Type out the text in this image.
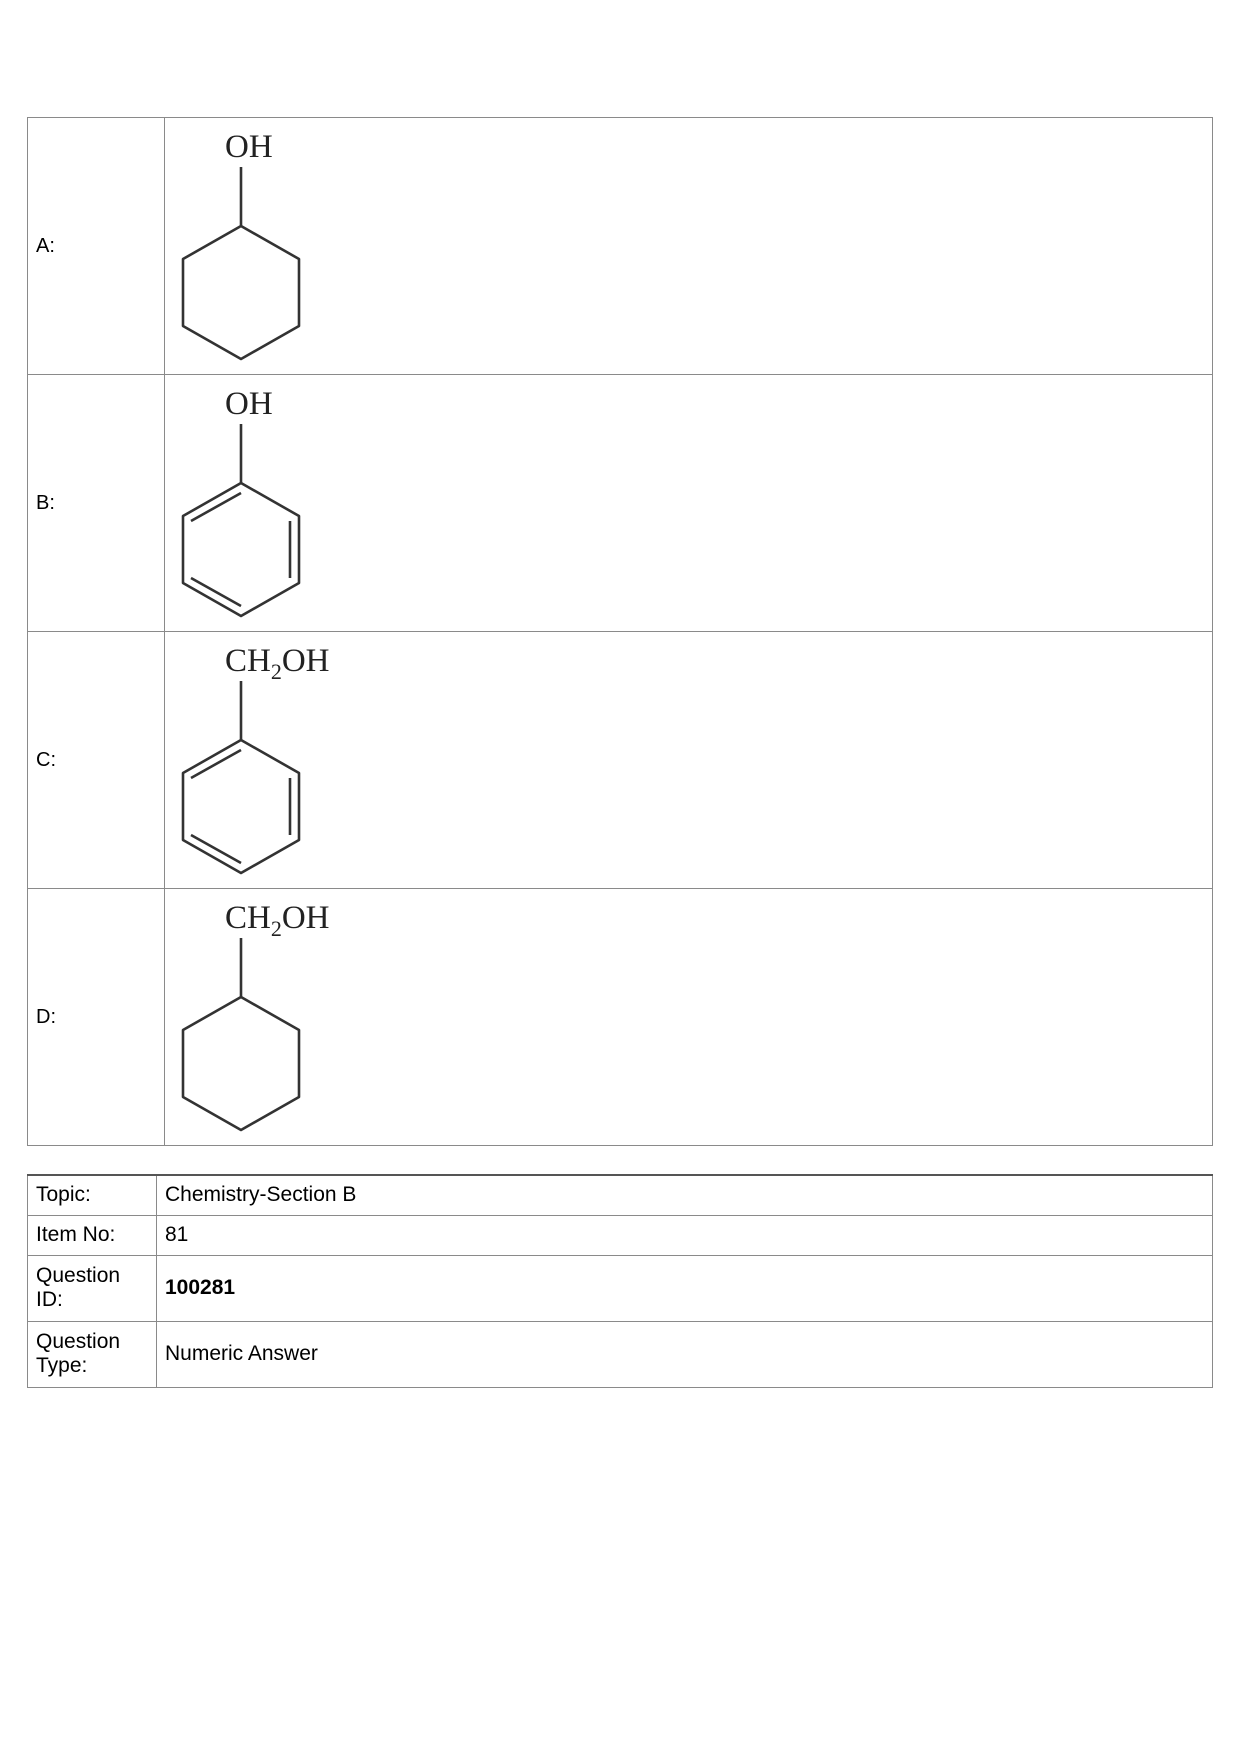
A:	OH

B:	OH

C:	$CH_2OH$

D:	$CH_2OH$
Topic:	Chemistry-Section B
Item No:	81
Question
ID:	100281
Question
Type:	Numeric Answer
